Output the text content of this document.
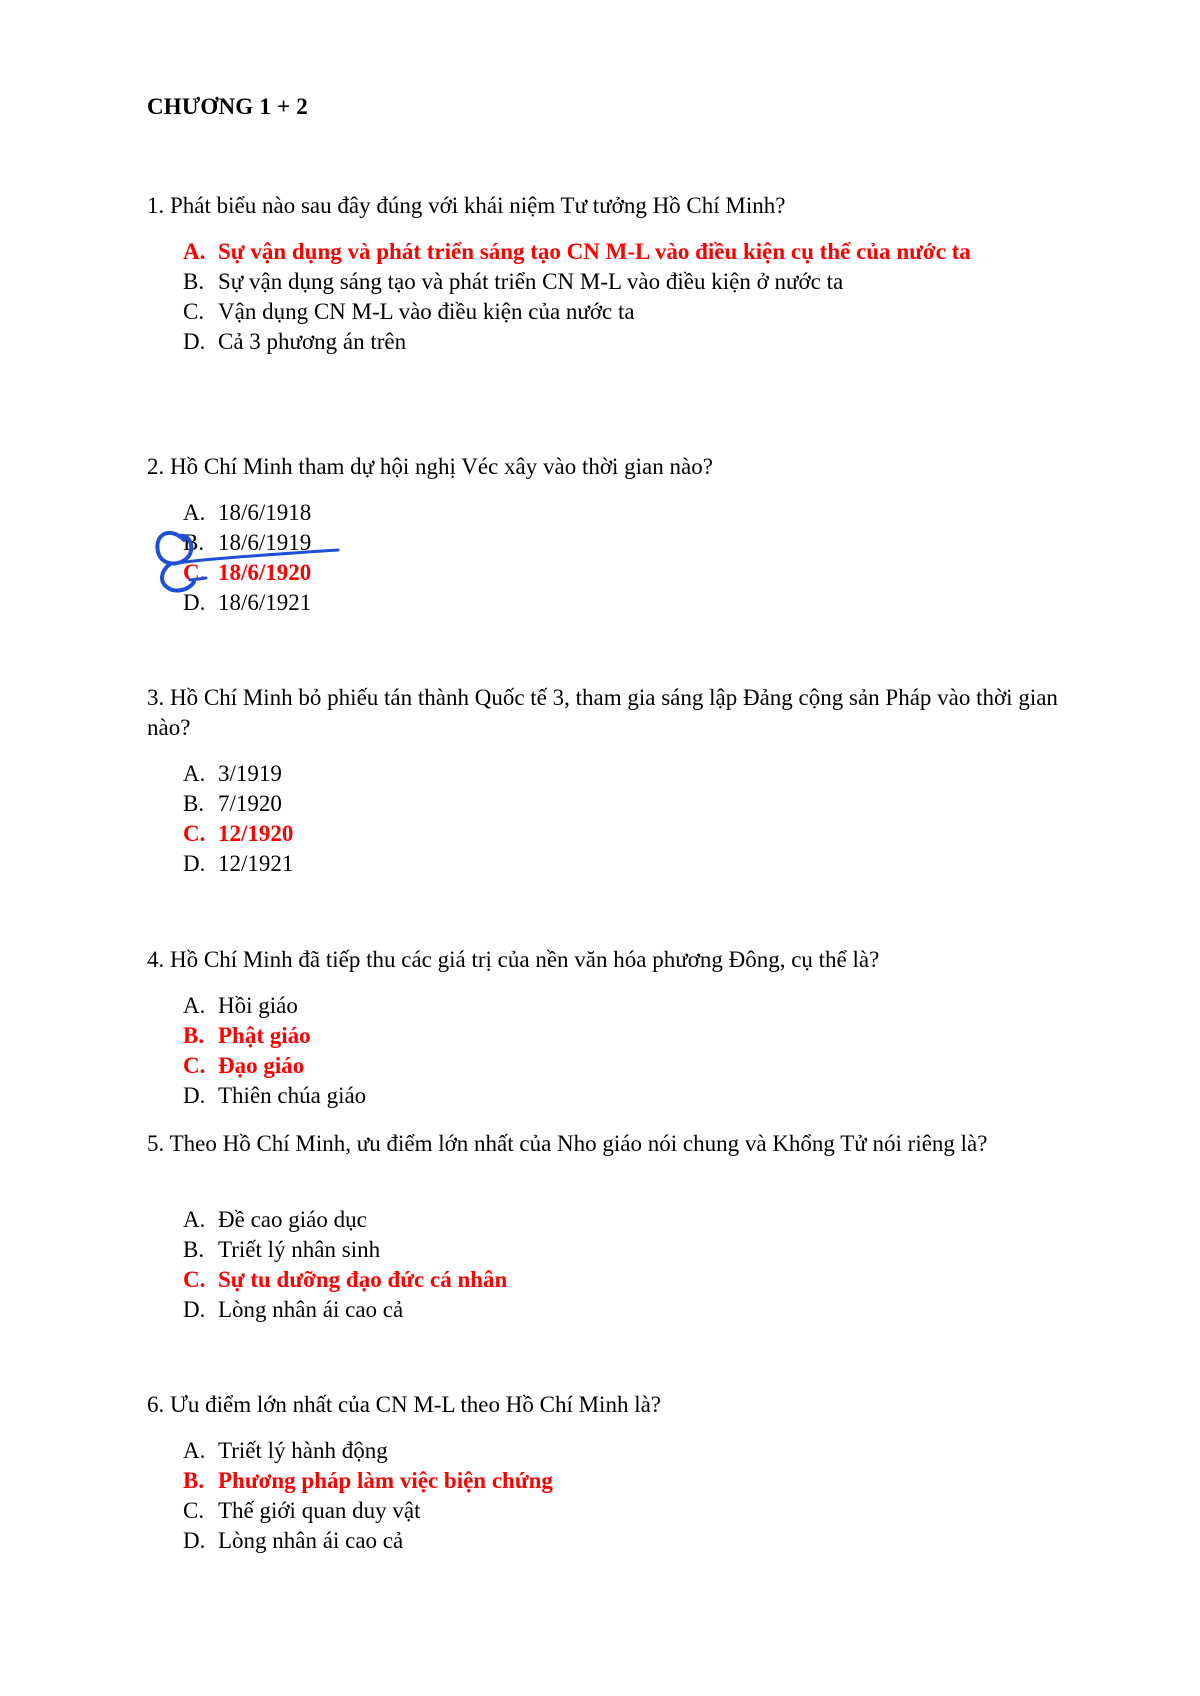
CHƯƠNG 1 + 2
1. Phát biểu nào sau đây đúng với khái niệm Tư tưởng Hồ Chí Minh?
A. Sự vận dụng và phát triển sáng tạo CN M-L vào điều kiện cụ thể của nước ta
B. Sự vận dụng sáng tạo và phát triển CN M-L vào điều kiện ở nước ta
C. Vận dụng CN M-L vào điều kiện của nước ta
D. Cả 3 phương án trên
2. Hồ Chí Minh tham dự hội nghị Véc xây vào thời gian nào?
A. 18/6/1918
B. 18/6/1919
C. 18/6/1920
D. 18/6/1921
3. Hồ Chí Minh bỏ phiếu tán thành Quốc tế 3, tham gia sáng lập Đảng cộng sản Pháp vào thời gian nào?
A. 3/1919
B. 7/1920
C. 12/1920
D. 12/1921
4. Hồ Chí Minh đã tiếp thu các giá trị của nền văn hóa phương Đông, cụ thể là?
A. Hồi giáo
B. Phật giáo
C. Đạo giáo
D. Thiên chúa giáo
5. Theo Hồ Chí Minh, ưu điểm lớn nhất của Nho giáo nói chung và Khổng Tử nói riêng là?
A. Đề cao giáo dục
B. Triết lý nhân sinh
C. Sự tu dưỡng đạo đức cá nhân
D. Lòng nhân ái cao cả
6. Ưu điểm lớn nhất của CN M-L theo Hồ Chí Minh là?
A. Triết lý hành động
B. Phương pháp làm việc biện chứng
C. Thế giới quan duy vật
D. Lòng nhân ái cao cả
